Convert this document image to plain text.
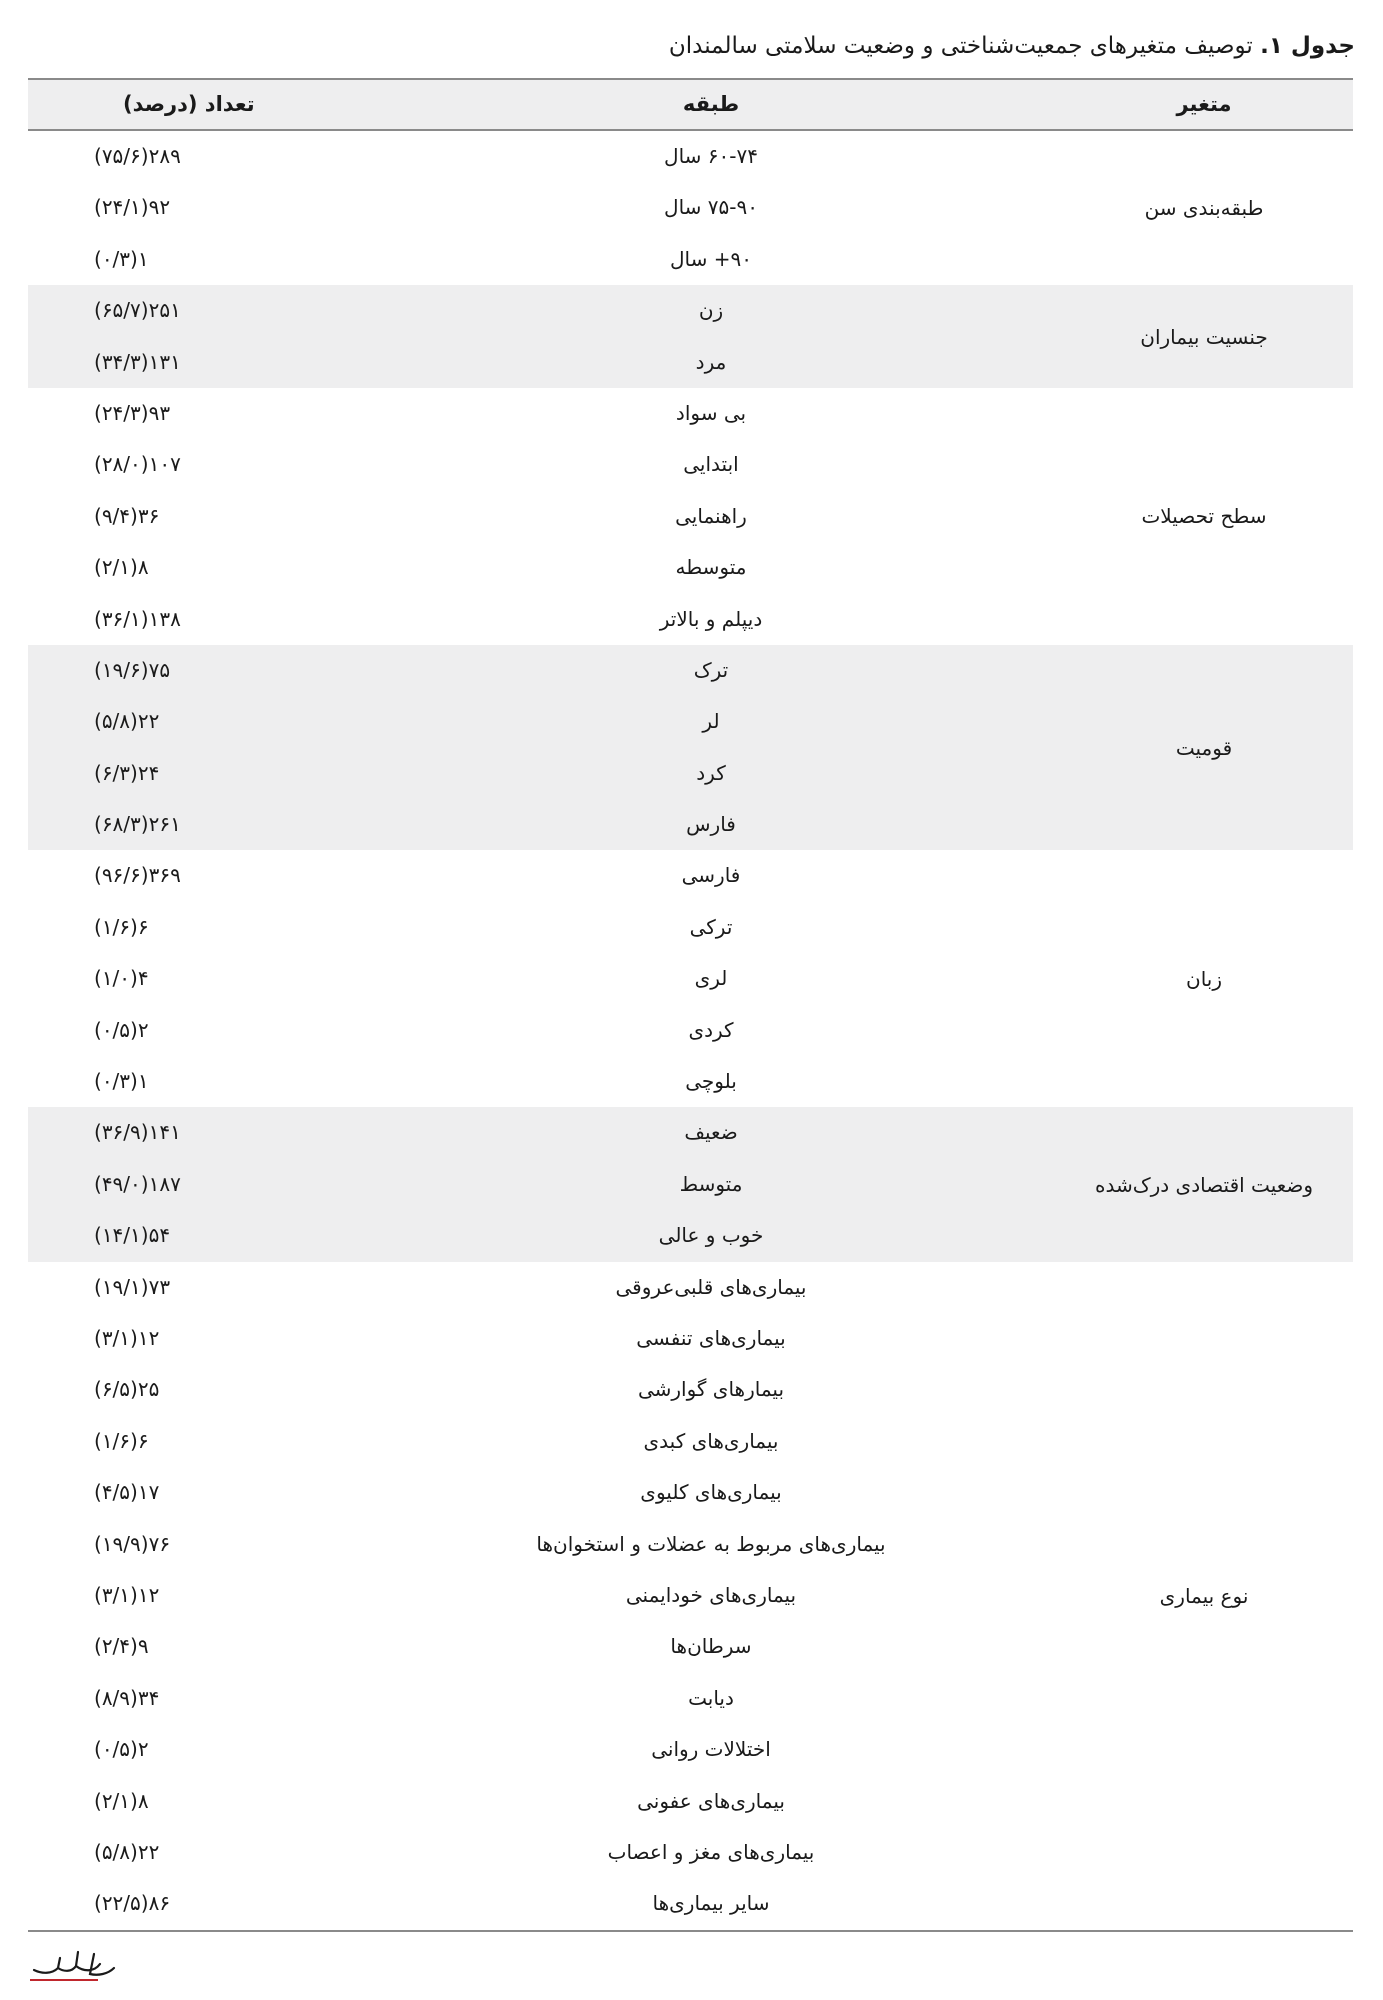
جدول ۱. توصیف متغیرهای جمعیت‌شناختی و وضعیت سلامتی سالمندان
متغیر
طبقه
تعداد (درصد)
طبقه‌بندی سن
۶۰-۷۴ سال
۲۸۹(۷۵/۶)
۷۵-۹۰ سال
۹۲(۲۴/۱)
۹۰+ سال
۱(۰/۳)
جنسیت بیماران
زن
۲۵۱(۶۵/۷)
مرد
۱۳۱(۳۴/۳)
سطح تحصیلات
بی سواد
۹۳(۲۴/۳)
ابتدایی
۱۰۷(۲۸/۰)
راهنمایی
۳۶(۹/۴)
متوسطه
۸(۲/۱)
دیپلم و بالاتر
۱۳۸(۳۶/۱)
قومیت
ترک
۷۵(۱۹/۶)
لر
۲۲(۵/۸)
کرد
۲۴(۶/۳)
فارس
۲۶۱(۶۸/۳)
زبان
فارسی
۳۶۹(۹۶/۶)
ترکی
۶(۱/۶)
لری
۴(۱/۰)
کردی
۲(۰/۵)
بلوچی
۱(۰/۳)
وضعیت اقتصادی درک‌شده
ضعیف
۱۴۱(۳۶/۹)
متوسط
۱۸۷(۴۹/۰)
خوب و عالی
۵۴(۱۴/۱)
نوع بیماری
بیماری‌های قلبی‌عروقی
۷۳(۱۹/۱)
بیماری‌های تنفسی
۱۲(۳/۱)
بیمارهای گوارشی
۲۵(۶/۵)
بیماری‌های کبدی
۶(۱/۶)
بیماری‌های کلیوی
۱۷(۴/۵)
بیماری‌های مربوط به عضلات و استخوان‌ها
۷۶(۱۹/۹)
بیماری‌های خودایمنی
۱۲(۳/۱)
سرطان‌ها
۹(۲/۴)
دیابت
۳۴(۸/۹)
اختلالات روانی
۲(۰/۵)
بیماری‌های عفونی
۸(۲/۱)
بیماری‌های مغز و اعصاب
۲۲(۵/۸)
سایر بیماری‌ها
۸۶(۲۲/۵)
